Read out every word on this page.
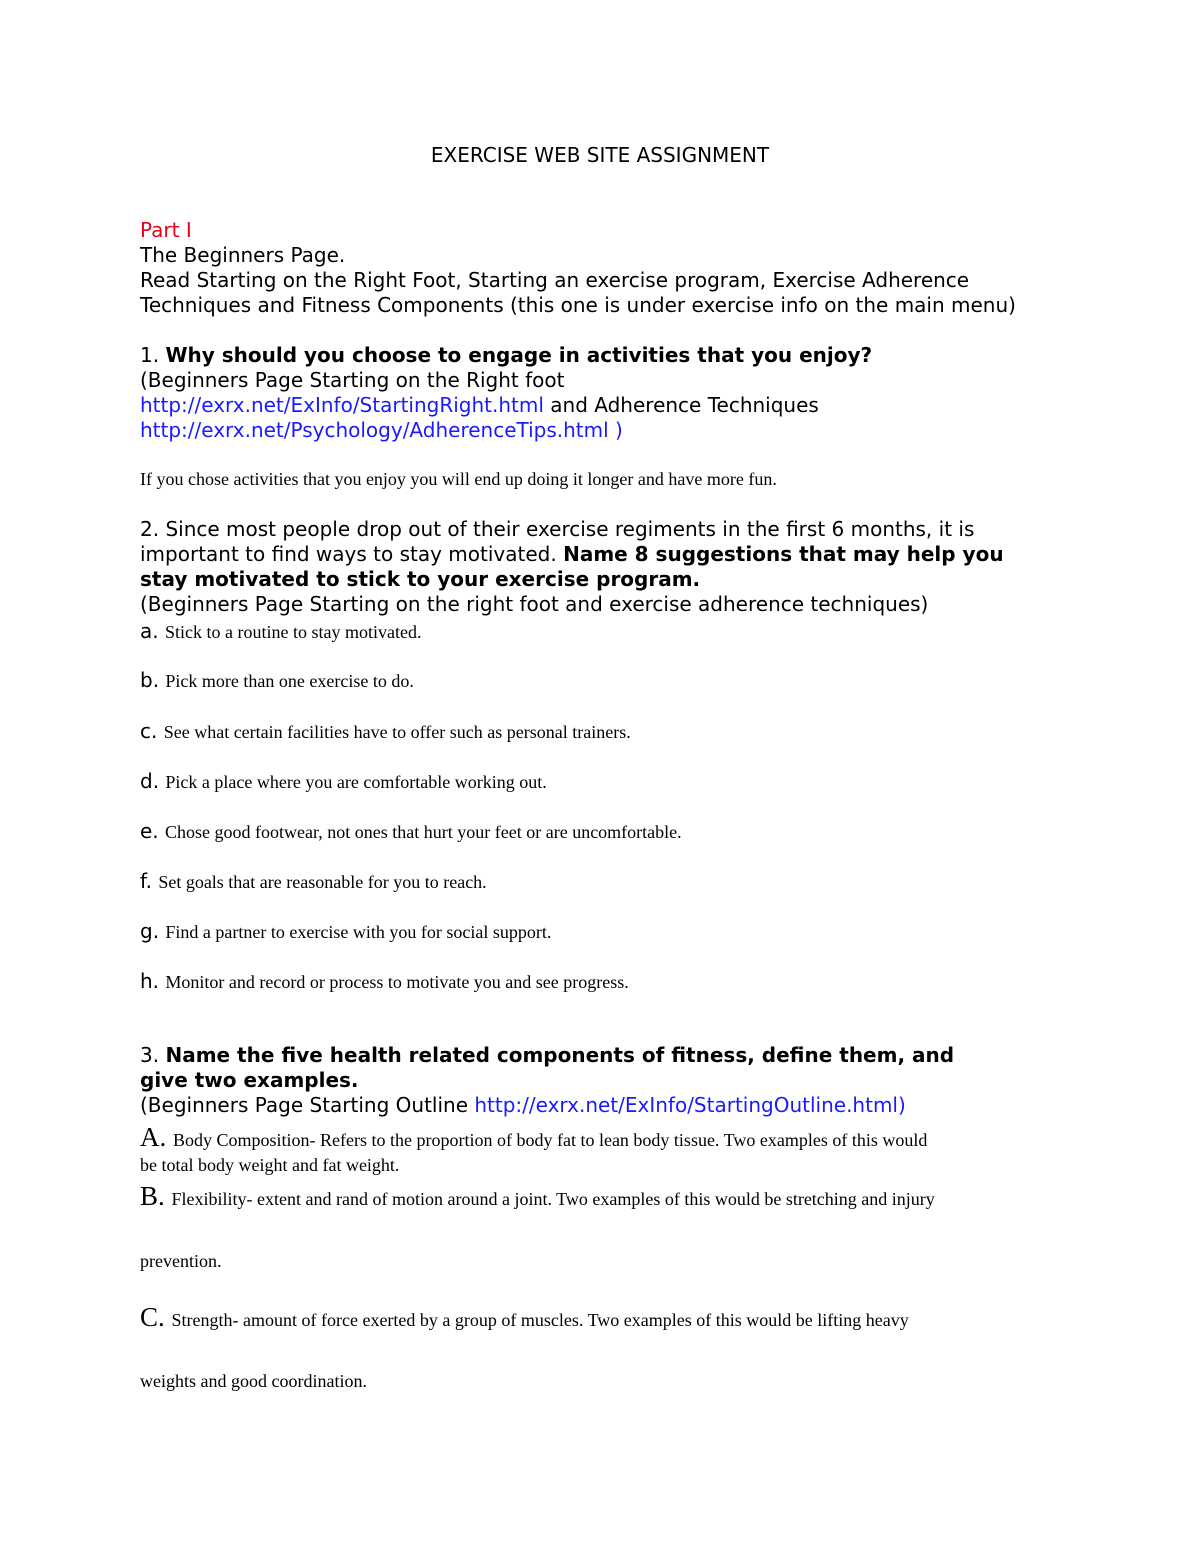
EXERCISE WEB SITE ASSIGNMENT

Part I

The Beginners Page.

Read Starting on the Right Foot, Starting an exercise program, Exercise Adherence

Techniques and Fitness Components (this one is under exercise info on the main menu)

1. Why should you choose to engage in activities that you enjoy?

(Beginners Page Starting on the Right foot

http://exrx.net/ExInfo/StartingRight.html and Adherence Techniques

http://exrx.net/Psychology/AdherenceTips.html )

If you chose activities that you enjoy you will end up doing it longer and have more fun.

2. Since most people drop out of their exercise regiments in the first 6 months, it is

important to find ways to stay motivated. Name 8 suggestions that may help you

stay motivated to stick to your exercise program.

(Beginners Page Starting on the right foot and exercise adherence techniques)

a. Stick to a routine to stay motivated.

b. Pick more than one exercise to do.

c. See what certain facilities have to offer such as personal trainers.

d. Pick a place where you are comfortable working out.

e. Chose good footwear, not ones that hurt your feet or are uncomfortable.

f. Set goals that are reasonable for you to reach.

g. Find a partner to exercise with you for social support.

h. Monitor and record or process to motivate you and see progress.

3. Name the five health related components of fitness, define them, and

give two examples.

(Beginners Page Starting Outline http://exrx.net/ExInfo/StartingOutline.html)

A. Body Composition- Refers to the proportion of body fat to lean body tissue. Two examples of this would

be total body weight and fat weight.

B. Flexibility- extent and rand of motion around a joint. Two examples of this would be stretching and injury

prevention.

C. Strength- amount of force exerted by a group of muscles. Two examples of this would be lifting heavy

weights and good coordination.
